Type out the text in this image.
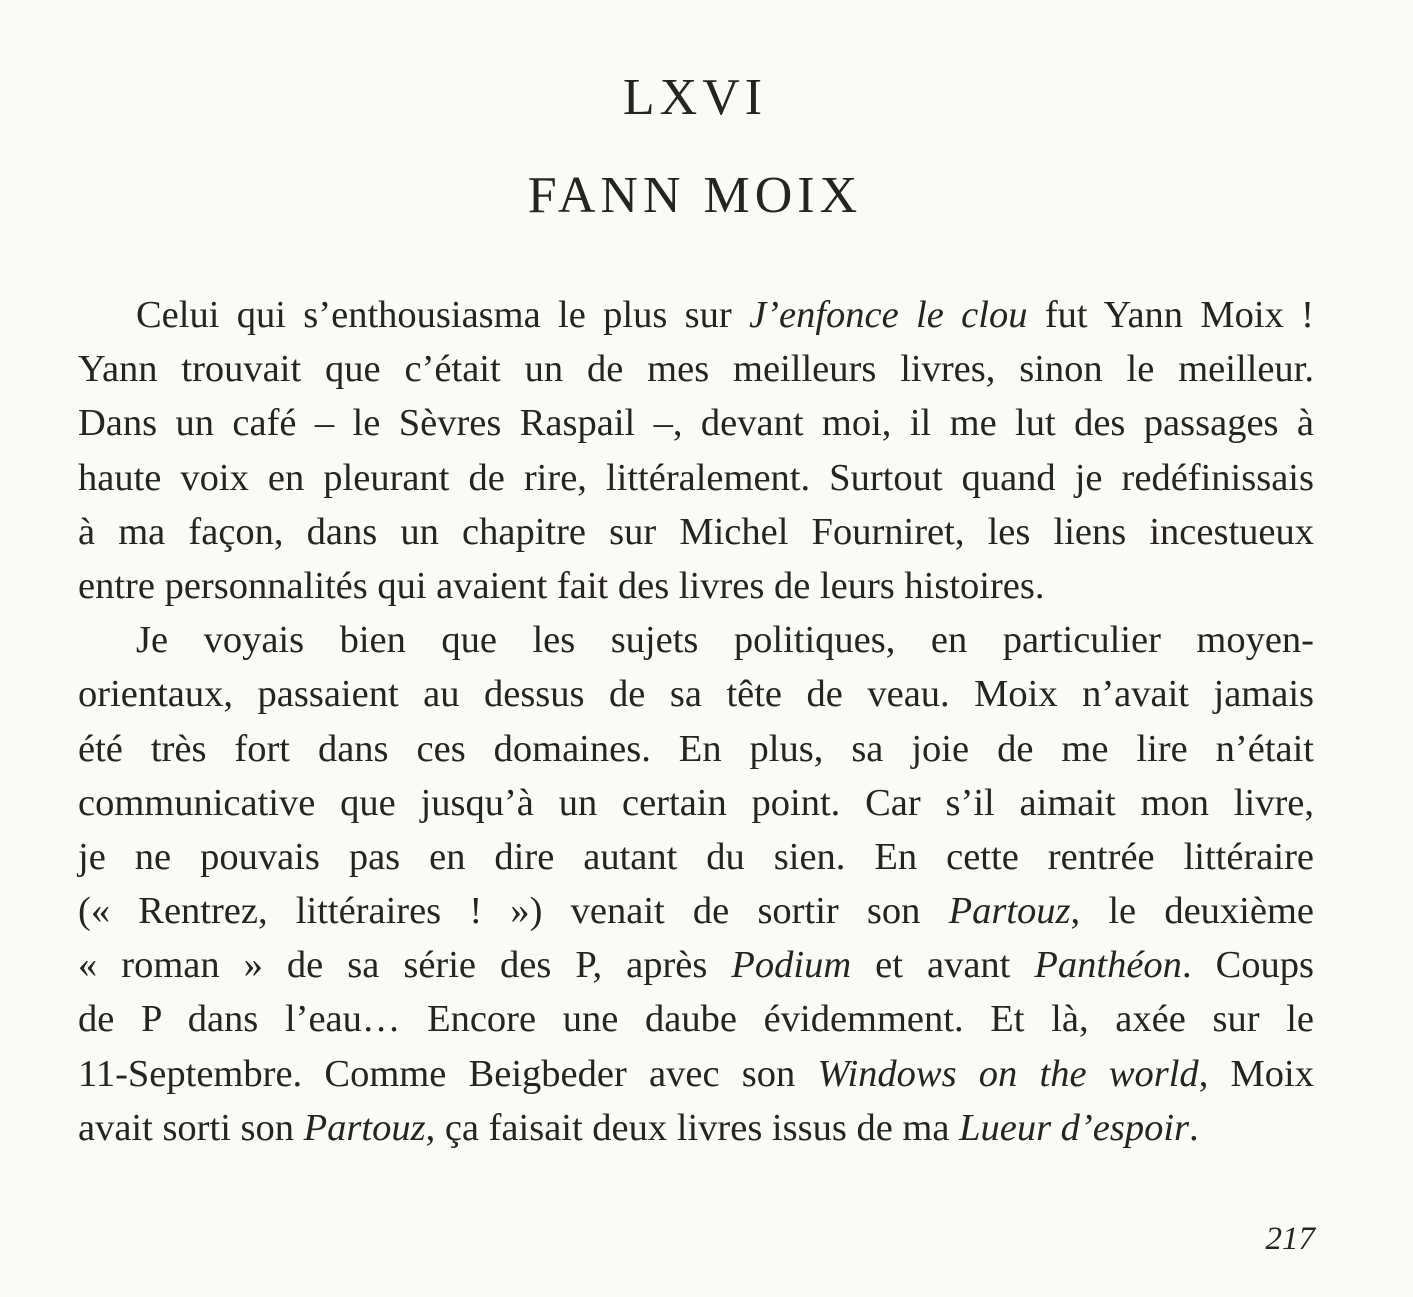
LXVI
FANN MOIX
Celui qui s’enthousiasma le plus sur J’enfonce le clou fut Yann Moix !
Yann trouvait que c’était un de mes meilleurs livres, sinon le meilleur.
Dans un café – le Sèvres Raspail –, devant moi, il me lut des passages à
haute voix en pleurant de rire, littéralement. Surtout quand je redéfinissais
à ma façon, dans un chapitre sur Michel Fourniret, les liens incestueux
entre personnalités qui avaient fait des livres de leurs histoires.
Je voyais bien que les sujets politiques, en particulier moyen-
orientaux, passaient au dessus de sa tête de veau. Moix n’avait jamais
été très fort dans ces domaines. En plus, sa joie de me lire n’était
communicative que jusqu’à un certain point. Car s’il aimait mon livre,
je ne pouvais pas en dire autant du sien. En cette rentrée littéraire
(« Rentrez, littéraires ! ») venait de sortir son Partouz, le deuxième
« roman » de sa série des P, après Podium et avant Panthéon. Coups
de P dans l’eau… Encore une daube évidemment. Et là, axée sur le
11-Septembre. Comme Beigbeder avec son Windows on the world, Moix
avait sorti son Partouz, ça faisait deux livres issus de ma Lueur d’espoir.
217
